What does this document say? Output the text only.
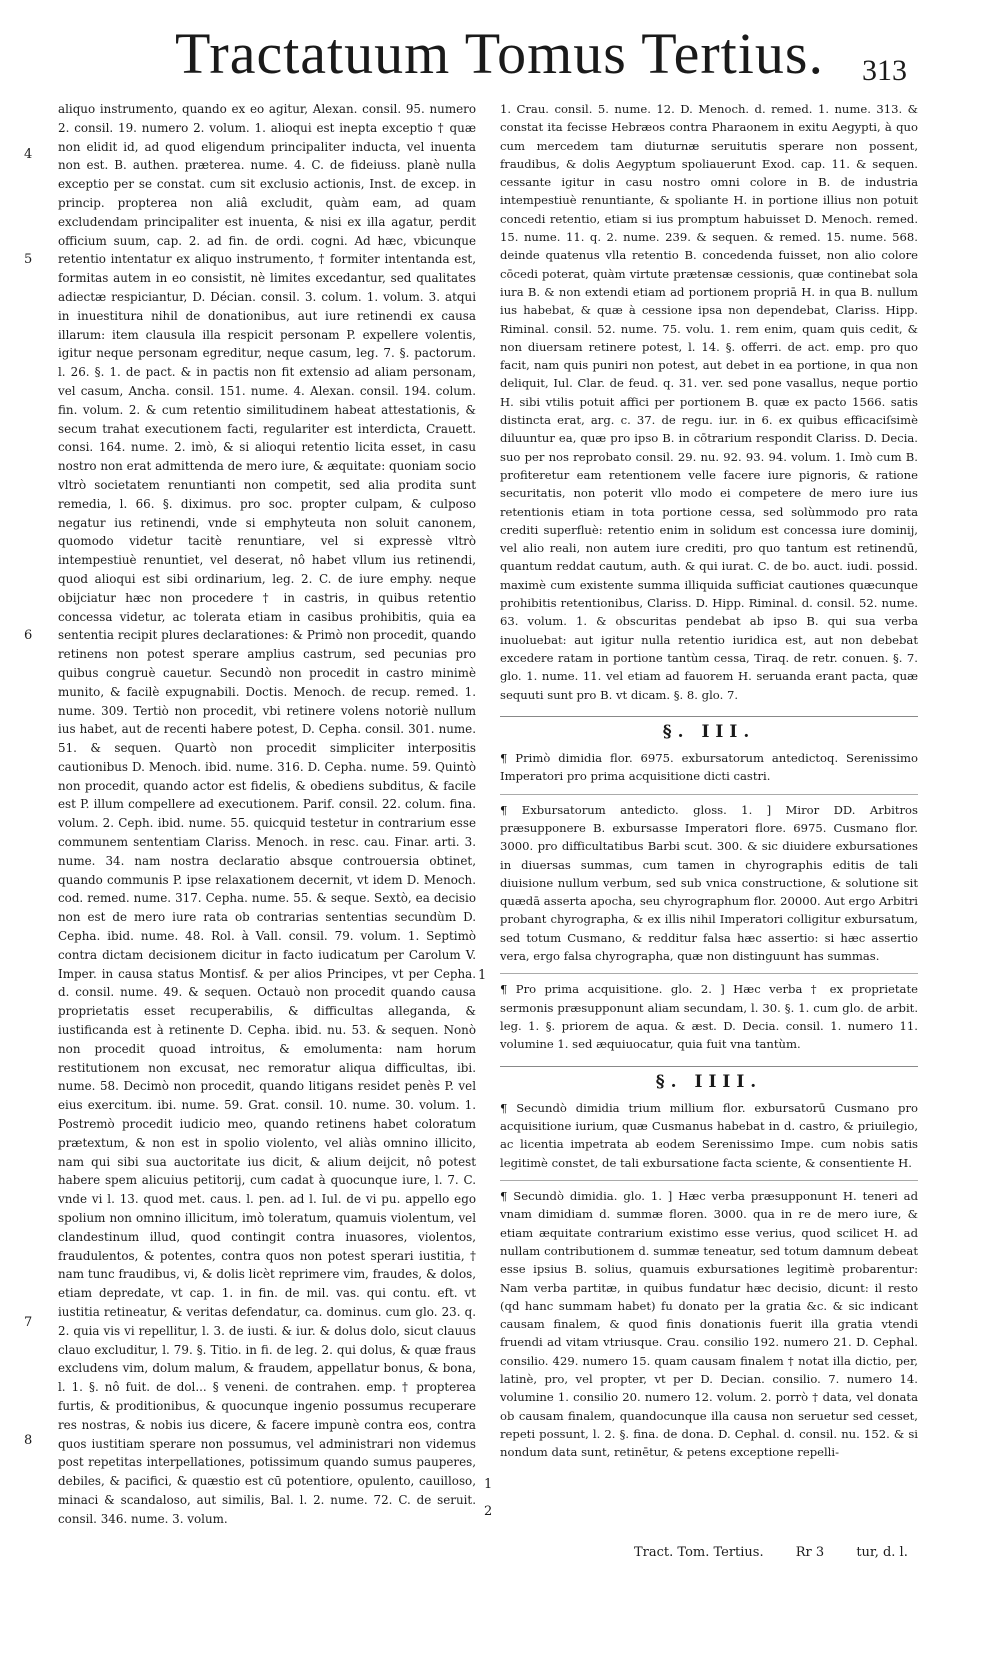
Tractatuum Tomus Tertius. 313
4
5
6
7
8
1
1
2

aliquo instrumento, quando ex eo agitur, Alexan. consil. 95. numero 2. consil. 19. numero 2. volum. 1. alioqui est inepta exceptio † quæ non elidit id, ad quod eligendum principaliter inducta, vel inuenta non est. B. authen. præterea. nume. 4. C. de fideiuss. planè nulla exceptio per se constat. cum sit exclusio actionis, Inst. de excep. in princip. propterea non aliâ excludit, quàm eam, ad quam excludendam principaliter est inuenta, & nisi ex illa agatur, perdit officium suum, cap. 2. ad fin. de ordi. cogni. Ad hæc, vbicunque retentio intentatur ex aliquo instrumento, † formiter intentanda est, formitas autem in eo consistit, nè limites excedantur, sed qualitates adiectæ respiciantur, D. Décian. consil. 3. colum. 1. volum. 3. atqui in inuestitura nihil de donationibus, aut iure retinendi ex causa illarum: item clausula illa respicit personam P. expellere volentis, igitur neque personam egreditur, neque casum, leg. 7. §. pactorum. l. 26. §. 1. de pact. & in pactis non fit extensio ad aliam personam, vel casum, Ancha. consil. 151. nume. 4. Alexan. consil. 194. colum. fin. volum. 2. & cum retentio similitudinem habeat attestationis, & secum trahat executionem facti, regulariter est interdicta, Crauett. consi. 164. nume. 2. imò, & si alioqui retentio licita esset, in casu nostro non erat admittenda de mero iure, & æquitate: quoniam socio vltrò societatem renuntianti non competit, sed alia prodita sunt remedia, l. 66. §. diximus. pro soc. propter culpam, & culposo negatur ius retinendi, vnde si emphyteuta non soluit canonem, quomodo videtur tacitè renuntiare, vel si expressè vltrò intempestiuè renuntiet, vel deserat, nô habet vllum ius retinendi, quod alioqui est sibi ordinarium, leg. 2. C. de iure emphy. neque obijciatur hæc non procedere † in castris, in quibus retentio concessa videtur, ac tolerata etiam in casibus prohibitis, quia ea sententia recipit plures declarationes: & Primò non procedit, quando retinens non potest sperare amplius castrum, sed pecunias pro quibus congruè cauetur. Secundò non procedit in castro minimè munito, & facilè expugnabili. Doctis. Menoch. de recup. remed. 1. nume. 309. Tertiò non procedit, vbi retinere volens notoriè nullum ius habet, aut de recenti habere potest, D. Cepha. consil. 301. nume. 51. & sequen. Quartò non procedit simpliciter interpositis cautionibus D. Menoch. ibid. nume. 316. D. Cepha. nume. 59. Quintò non procedit, quando actor est fidelis, & obediens subditus, & facile est P. illum compellere ad executionem. Parif. consil. 22. colum. fina. volum. 2. Ceph. ibid. nume. 55. quicquid testetur in contrarium esse communem sententiam Clariss. Menoch. in resc. cau. Finar. arti. 3. nume. 34. nam nostra declaratio absque controuersia obtinet, quando communis P. ipse relaxationem decernit, vt idem D. Menoch. cod. remed. nume. 317. Cepha. nume. 55. & seque. Sextò, ea decisio non est de mero iure rata ob contrarias sententias secundùm D. Cepha. ibid. nume. 48. Rol. à Vall. consil. 79. volum. 1. Septimò contra dictam decisionem dicitur in facto iudicatum per Carolum V. Imper. in causa status Montisf. & per alios Principes, vt per Cepha. d. consil. nume. 49. & sequen. Octauò non procedit quando causa proprietatis esset recuperabilis, & difficultas alleganda, & iustificanda est à retinente D. Cepha. ibid. nu. 53. & sequen. Nonò non procedit quoad introitus, & emolumenta: nam horum restitutionem non excusat, nec remoratur aliqua difficultas, ibi. nume. 58. Decimò non procedit, quando litigans residet penès P. vel eius exercitum. ibi. nume. 59. Grat. consil. 10. nume. 30. volum. 1. Postremò procedit iudicio meo, quando retinens habet coloratum prætextum, & non est in spolio violento, vel aliàs omnino illicito, nam qui sibi sua auctoritate ius dicit, & alium deijcit, nô potest habere spem alicuius petitorij, cum cadat à quocunque iure, l. 7. C. vnde vi l. 13. quod met. caus. l. pen. ad l. Iul. de vi pu. appello ego spolium non omnino illicitum, imò toleratum, quamuis violentum, vel clandestinum illud, quod contingit contra inuasores, violentos, fraudulentos, & potentes, contra quos non potest sperari iustitia, † nam tunc fraudibus, vi, & dolis licèt reprimere vim, fraudes, & dolos, etiam depredate, vt cap. 1. in fin. de mil. vas. qui contu. eft. vt iustitia retineatur, & veritas defendatur, ca. dominus. cum glo. 23. q. 2. quia vis vi repellitur, l. 3. de iusti. & iur. & dolus dolo, sicut clauus clauo excluditur, l. 79. §. Titio. in fi. de leg. 2. qui dolus, & quæ fraus excludens vim, dolum malum, & fraudem, appellatur bonus, & bona, l. 1. §. nô fuit. de dol... § veneni. de contrahen. emp. † propterea furtis, & proditionibus, & quocunque ingenio possumus recuperare res nostras, & nobis ius dicere, & facere impunè contra eos, contra quos iustitiam sperare non possumus, vel administrari non videmus post repetitas interpellationes, potissimum quando sumus pauperes, debiles, & pacifici, & quæstio est cū potentiore, opulento, cauilloso, minaci & scandaloso, aut similis, Bal. l. 2. nume. 72. C. de seruit. consil. 346. nume. 3. volum.

1. Crau. consil. 5. nume. 12. D. Menoch. d. remed. 1. nume. 313. & constat ita fecisse Hebræos contra Pharaonem in exitu Aegypti, à quo cum mercedem tam diuturnæ seruitutis sperare non possent, fraudibus, & dolis Aegyptum spoliauerunt Exod. cap. 11. & sequen. cessante igitur in casu nostro omni colore in B. de industria intempestiuè renuntiante, & spoliante H. in portione illius non potuit concedi retentio, etiam si ius promptum habuisset D. Menoch. remed. 15. nume. 11. q. 2. nume. 239. & sequen. & remed. 15. nume. 568. deinde quatenus vlla retentio B. concedenda fuisset, non alio colore cōcedi poterat, quàm virtute prætensæ cessionis, quæ continebat sola iura B. & non extendi etiam ad portionem propriā H. in qua B. nullum ius habebat, & quæ à cessione ipsa non dependebat, Clariss. Hipp. Riminal. consil. 52. nume. 75. volu. 1. rem enim, quam quis cedit, & non diuersam retinere potest, l. 14. §. offerri. de act. emp. pro quo facit, nam quis puniri non potest, aut debet in ea portione, in qua non deliquit, Iul. Clar. de feud. q. 31. ver. sed pone vasallus, neque portio H. sibi vtilis potuit affici per portionem B. quæ ex pacto 1566. satis distincta erat, arg. c. 37. de regu. iur. in 6. ex quibus efficaciſsimè diluuntur ea, quæ pro ipso B. in cōtrarium respondit Clariss. D. Decia. suo per nos reprobato consil. 29. nu. 92. 93. 94. volum. 1. Imò cum B. profiteretur eam retentionem velle facere iure pignoris, & ratione securitatis, non poterit vllo modo ei competere de mero iure ius retentionis etiam in tota portione cessa, sed solùmmodo pro rata crediti superfluè: retentio enim in solidum est concessa iure dominij, vel alio reali, non autem iure crediti, pro quo tantum est retinendū, quantum reddat cautum, auth. & qui iurat. C. de bo. auct. iudi. possid. maximè cum existente summa illiquida sufficiat cautiones quæcunque prohibitis retentionibus, Clariss. D. Hipp. Riminal. d. consil. 52. nume. 63. volum. 1. & obscuritas pendebat ab ipso B. qui sua verba inuoluebat: aut igitur nulla retentio iuridica est, aut non debebat excedere ratam in portione tantùm cessa, Tiraq. de retr. conuen. §. 7. glo. 1. nume. 11. vel etiam ad fauorem H. seruanda erant pacta, quæ sequuti sunt pro B. vt dicam. §. 8. glo. 7.

§. III.

¶ Primò dimidia flor. 6975. exbursatorum antedictoq. Serenissimo Imperatori pro prima acquisitione dicti castri.

¶ Exbursatorum antedicto. gloss. 1. ] Miror DD. Arbitros præsupponere B. exbursasse Imperatori flore. 6975. Cusmano flor. 3000. pro difficultatibus Barbi scut. 300. & sic diuidere exbursationes in diuersas summas, cum tamen in chyrographis editis de tali diuisione nullum verbum, sed sub vnica constructione, & solutione sit quædā asserta apocha, seu chyrographum flor. 20000. Aut ergo Arbitri probant chyrographa, & ex illis nihil Imperatori colligitur exbursatum, sed totum Cusmano, & redditur falsa hæc assertio: si hæc assertio vera, ergo falsa chyrographa, quæ non distinguunt has summas.

¶ Pro prima acquisitione. glo. 2. ] Hæc verba † ex proprietate sermonis præsupponunt aliam secundam, l. 30. §. 1. cum glo. de arbit. leg. 1. §. priorem de aqua. & æst. D. Decia. consil. 1. numero 11. volumine 1. sed æquiuocatur, quia fuit vna tantùm.

§. IIII.

¶ Secundò dimidia trium millium flor. exbursatorū Cusmano pro acquisitione iurium, quæ Cusmanus habebat in d. castro, & priuilegio, ac licentia impetrata ab eodem Serenissimo Impe. cum nobis satis legitimè constet, de tali exbursatione facta sciente, & consentiente H.

¶ Secundò dimidia. glo. 1. ] Hæc verba præsupponunt H. teneri ad vnam dimidiam d. summæ floren. 3000. qua in re de mero iure, & etiam æquitate contrarium existimo esse verius, quod scilicet H. ad nullam contributionem d. summæ teneatur, sed totum damnum debeat esse ipsius B. solius, quamuis exbursationes legitimè probarentur: Nam verba partitæ, in quibus fundatur hæc decisio, dicunt: il resto (qd hanc summam habet) fu donato per la gratia &c. & sic indicant causam finalem, & quod finis donationis fuerit illa gratia vtendi fruendi ad vitam vtriusque. Crau. consilio 192. numero 21. D. Cephal. consilio. 429. numero 15. quam causam finalem † notat illa dictio, per, latinè, pro, vel propter, vt per D. Decian. consilio. 7. numero 14. volumine 1. consilio 20. numero 12. volum. 2. porrò † data, vel donata ob causam finalem, quandocunque illa causa non seruetur sed cesset, repeti possunt, l. 2. §. fina. de dona. D. Cephal. d. consil. nu. 152. & si nondum data sunt, retinētur, & petens exceptione repelli-

Tract. Tom. Tertius. Rr 3 tur, d. l.
